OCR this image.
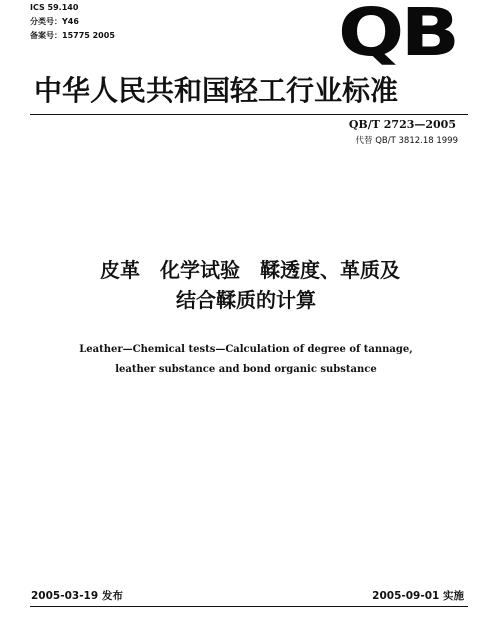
ICS 59.140
分类号：Y46
备案号：15775 2005	QB
中华人民共和国轻工行业标准
QB/T 2723—2005
代替 QB/T 3812.18 1999
皮革　化学试验　鞣透度、革质及
结合鞣质的计算
Leather—Chemical tests—Calculation of degree of tannage,
leather substance and bond organic substance
2005-03-19 发布	2005-09-01 实施
